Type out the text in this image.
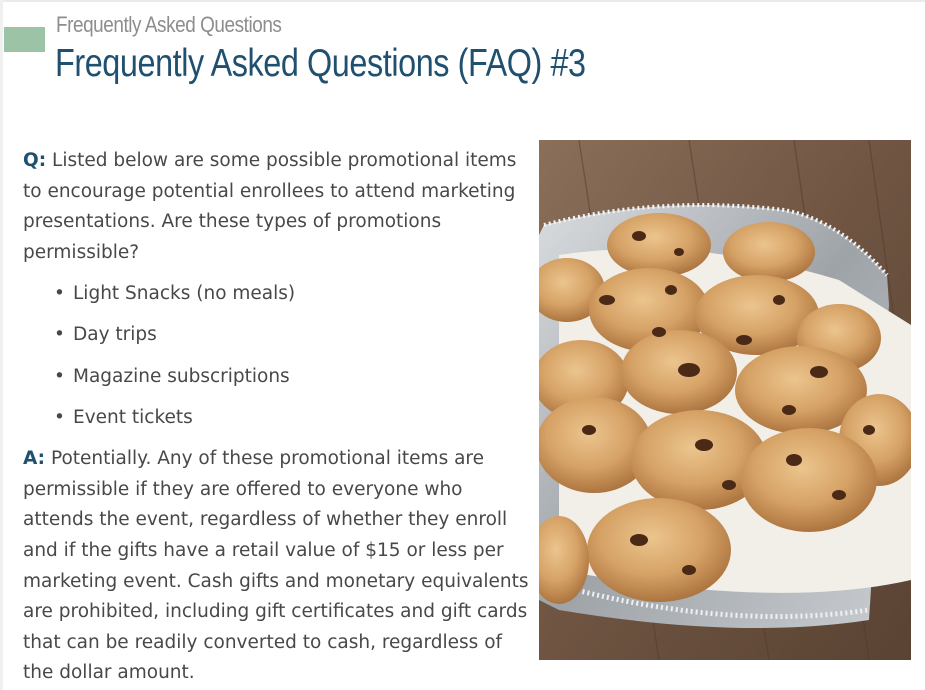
Frequently Asked Questions
Frequently Asked Questions (FAQ) #3

Q: Listed below are some possible promotional items to encourage potential enrollees to attend marketing presentations. Are these types of promotions permissible?

• Light Snacks (no meals)
• Day trips
• Magazine subscriptions
• Event tickets

A: Potentially. Any of these promotional items are permissible if they are offered to everyone who attends the event, regardless of whether they enroll and if the gifts have a retail value of $15 or less per marketing event. Cash gifts and monetary equivalents are prohibited, including gift certificates and gift cards that can be readily converted to cash, regardless of the dollar amount.
